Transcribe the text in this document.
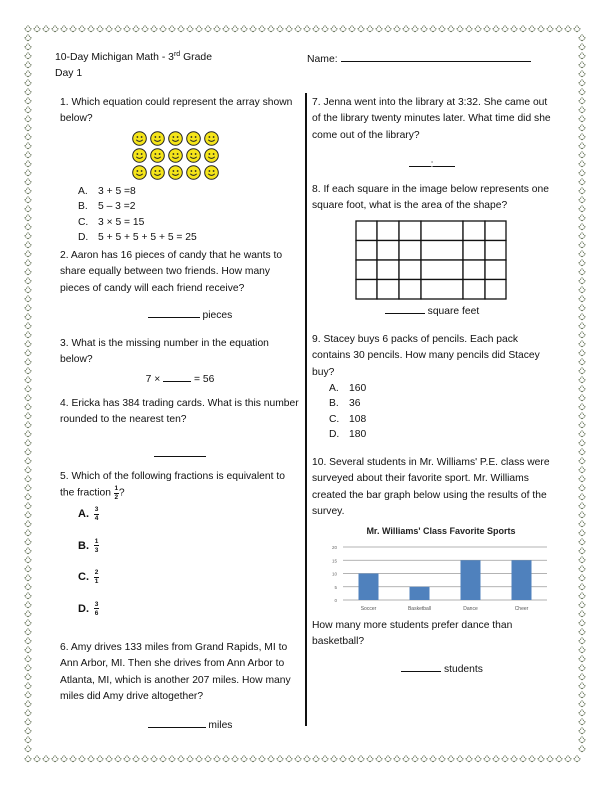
10-Day Michigan Math - 3rd Grade
Day 1
Name:

1. Which equation could represent the array shown below?

A. 3 + 5 =8
B. 5 – 3 =2
C. 3 × 5 = 15
D. 5 + 5 + 5 + 5 + 5 = 25

2. Aaron has 16 pieces of candy that he wants to share equally between two friends. How many pieces of candy will each friend receive?

pieces

3. What is the missing number in the equation below?

7 ×	= 56

4. Ericka has 384 trading cards. What is this number rounded to the nearest ten?

5. Which of the following fractions is equivalent to the fraction $\frac{1}{2}$ ?

A. $\frac{3}{4}$
B. $\frac{1}{3}$
C. $\frac{2}{1}$
D. $\frac{3}{6}$

6. Amy drives 133 miles from Grand Rapids, MI to Ann Arbor, MI. Then she drives from Ann Arbor to Atlanta, MI, which is another 207 miles. How many miles did Amy drive altogether?

miles

7. Jenna went into the library at 3:32. She came out of the library twenty minutes later. What time did she come out of the library?

:

8. If each square in the image below represents one square foot, what is the area of the shape?

square feet

9. Stacey buys 6 packs of pencils. Each pack contains 30 pencils. How many pencils did Stacey buy?

A. 160
B. 36
C. 108
D. 180

10. Several students in Mr. Williams' P.E. class were surveyed about their favorite sport. Mr. Williams created the bar graph below using the results of the survey.

Mr. Williams' Class Favorite Sports
0
5
10
15
20
Soccer	Basketball	Dance	Cheer

How many more students prefer dance than basketball?

students
